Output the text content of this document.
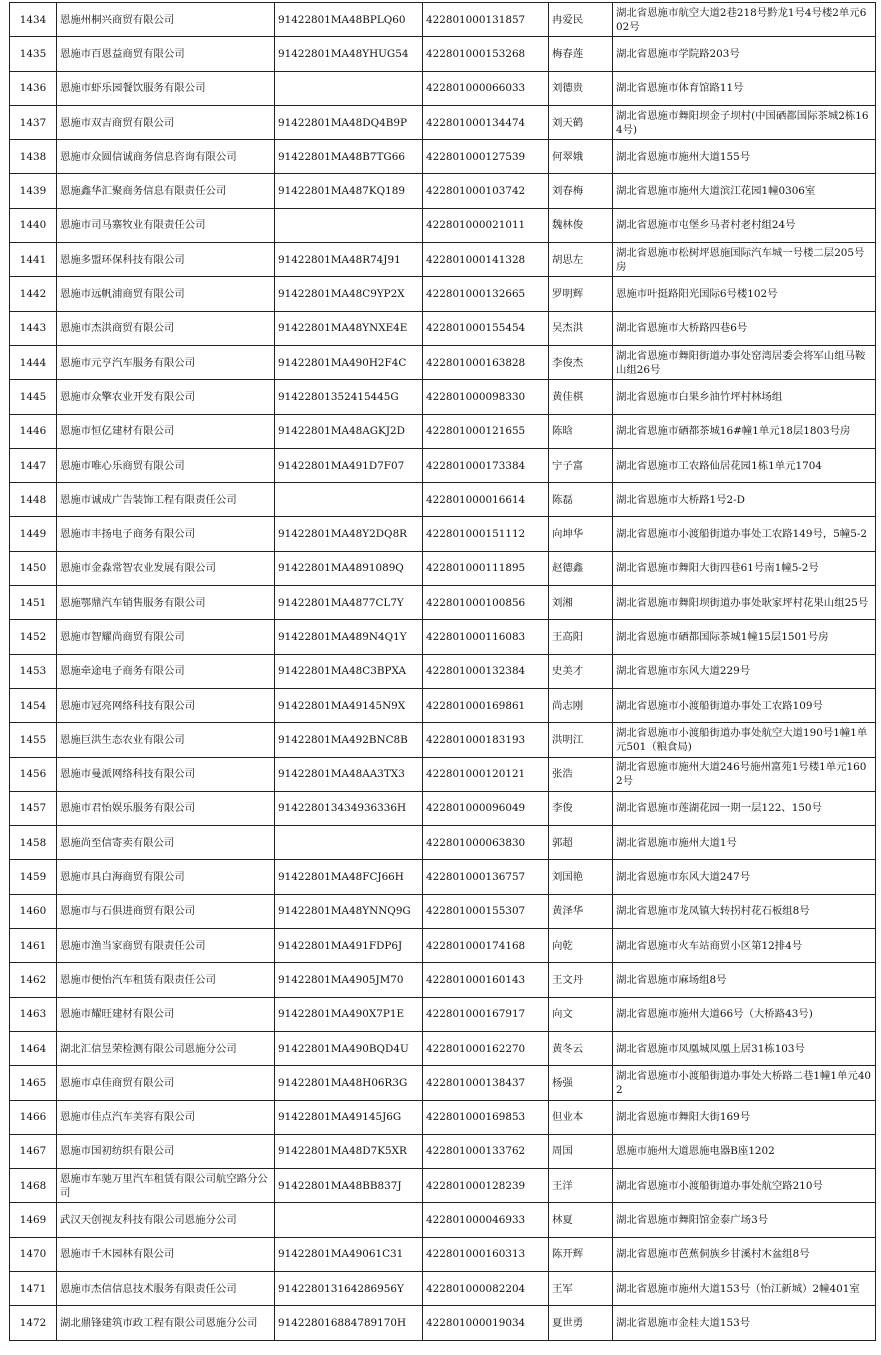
1434	恩施州桐兴商贸有限公司	91422801MA48BPLQ60	422801000131857	冉爱民	湖北省恩施市航空大道2巷218号黔龙1号4号楼2单元602号
1435	恩施市百恩益商贸有限公司	91422801MA48YHUG54	422801000153268	梅春莲	湖北省恩施市学院路203号
1436	恩施市虾乐园餐饮服务有限公司		422801000066033	刘德贵	湖北省恩施市体育馆路11号
1437	恩施市双吉商贸有限公司	91422801MA48DQ4B9P	422801000134474	刘天鹤	湖北省恩施市舞阳坝金子坝村(中国硒都国际茶城2栋164号)
1438	恩施市众圆信诚商务信息咨询有限公司	91422801MA48B7TG66	422801000127539	何翠娥	湖北省恩施市施州大道155号
1439	恩施鑫华汇聚商务信息有限责任公司	91422801MA487KQ189	422801000103742	刘春梅	湖北省恩施市施州大道滨江花园1幢0306室
1440	恩施市司马寨牧业有限责任公司		422801000021011	魏林俊	湖北省恩施市屯堡乡马者村老村组24号
1441	恩施多盟环保科技有限公司	91422801MA48R74J91	422801000141328	胡思左	湖北省恩施市松树坪恩施国际汽车城一号楼二层205号房
1442	恩施市远帆浦商贸有限公司	91422801MA48C9YP2X	422801000132665	罗明辉	恩施市叶挺路阳光国际6号楼102号
1443	恩施市杰洪商贸有限公司	91422801MA48YNXE4E	422801000155454	吴杰洪	湖北省恩施市大桥路四巷6号
1444	恩施市元亨汽车服务有限公司	91422801MA490H2F4C	422801000163828	李俊杰	湖北省恩施市舞阳街道办事处窑湾居委会将军山组马鞍山组26号
1445	恩施市众擎农业开发有限公司	91422801352415445G	422801000098330	黄佳棋	湖北省恩施市白果乡油竹坪村林场组
1446	恩施市恒亿建材有限公司	91422801MA48AGKJ2D	422801000121655	陈晗	湖北省恩施市硒都茶城16#幢1单元18层1803号房
1447	恩施市唯心乐商贸有限公司	91422801MA491D7F07	422801000173384	宁子富	湖北省恩施市工农路仙居花园1栋1单元1704
1448	恩施市诚成广告装饰工程有限责任公司		422801000016614	陈磊	湖北省恩施市大桥路1号2-D
1449	恩施市丰扬电子商务有限公司	91422801MA48Y2DQ8R	422801000151112	向坤华	湖北省恩施市小渡船街道办事处工农路149号，5幢5-2
1450	恩施市金淼常智农业发展有限公司	91422801MA4891089Q	422801000111895	赵德鑫	湖北省恩施市舞阳大街四巷61号南1幢5-2号
1451	恩施鄂鼎汽车销售服务有限公司	91422801MA4877CL7Y	422801000100856	刘湘	湖北省恩施市舞阳坝街道办事处耿家坪村花果山组25号
1452	恩施市智耀尚商贸有限公司	91422801MA489N4Q1Y	422801000116083	王高阳	湖北省恩施市硒都国际茶城1幢15层1501号房
1453	恩施牵途电子商务有限公司	91422801MA48C3BPXA	422801000132384	史美才	湖北省恩施市东风大道229号
1454	恩施市冠亮网络科技有限公司	91422801MA49145N9X	422801000169861	尚志刚	湖北省恩施市小渡船街道办事处工农路109号
1455	恩施巨洪生态农业有限公司	91422801MA492BNC8B	422801000183193	洪明江	湖北省恩施市小渡船街道办事处航空大道190号1幢1单元501（粮食局)
1456	恩施市曼派网络科技有限公司	91422801MA48AA3TX3	422801000120121	张浩	湖北省恩施市施州大道246号施州富苑1号楼1单元1602号
1457	恩施市君怡娱乐服务有限公司	914228013434936336H	422801000096049	李俊	湖北省恩施市莲湖花园一期一层122、150号
1458	恩施尚至信寄卖有限公司		422801000063830	郭超	湖北省恩施市施州大道1号
1459	恩施市具白海商贸有限公司	91422801MA48FCJ66H	422801000136757	刘国艳	湖北省恩施市东风大道247号
1460	恩施市与石俱进商贸有限公司	91422801MA48YNNQ9G	422801000155307	黄泽华	湖北省恩施市龙凤镇大转拐村花石板组8号
1461	恩施市渔当家商贸有限责任公司	91422801MA491FDP6J	422801000174168	向乾	湖北省恩施市火车站商贸小区第12排4号
1462	恩施市便怡汽车租赁有限责任公司	91422801MA4905JM70	422801000160143	王文丹	湖北省恩施市麻场组8号
1463	恩施市耀旺建材有限公司	91422801MA490X7P1E	422801000167917	向文	湖北省恩施市施州大道66号（大桥路43号)
1464	湖北汇信昱荣检测有限公司恩施分公司	91422801MA490BQD4U	422801000162270	黄冬云	湖北省恩施市凤凰城凤凰上居31栋103号
1465	恩施市卓佳商贸有限公司	91422801MA48H06R3G	422801000138437	杨强	湖北省恩施市小渡船街道办事处大桥路二巷1幢1单元402
1466	恩施市佳点汽车美容有限公司	91422801MA49145J6G	422801000169853	但业本	湖北省恩施市舞阳大街169号
1467	恩施市国初纺织有限公司	91422801MA48D7K5XR	422801000133762	周国	恩施市施州大道恩施电器B座1202
1468	恩施市车驰万里汽车租赁有限公司航空路分公司	91422801MA48BB837J	422801000128239	王洋	湖北省恩施市小渡船街道办事处航空路210号
1469	武汉天创视友科技有限公司恩施分公司		422801000046933	林夏	湖北省恩施市舞阳馆金泰广场3号
1470	恩施市千木园林有限公司	91422801MA49061C31	422801000160313	陈开辉	湖北省恩施市芭蕉侗族乡甘溪村木盆组8号
1471	恩施市杰信信息技术服务有限责任公司	914228013164286956Y	422801000082204	王军	湖北省恩施市施州大道153号（怡江新城）2幢401室
1472	湖北鼎锋建筑市政工程有限公司恩施分公司	914228016884789170H	422801000019034	夏世勇	湖北省恩施市金桂大道153号
